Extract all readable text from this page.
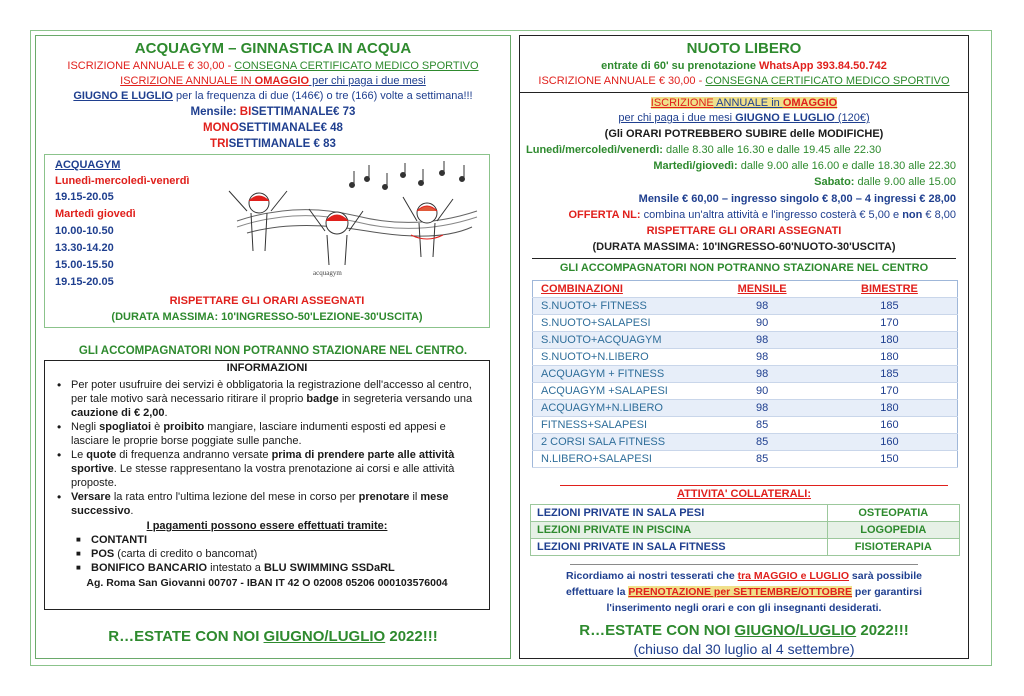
ACQUAGYM – GINNASTICA IN ACQUA
ISCRIZIONE ANNUALE € 30,00 - CONSEGNA CERTIFICATO MEDICO SPORTIVO
ISCRIZIONE ANNUALE IN OMAGGIO per chi paga i due mesi
GIUGNO E LUGLIO per la frequenza di due (146€) o tre (166) volte a settimana!!!
Mensile: BISETTIMANALE€ 73
MONOSETTIMANALE€ 48
TRISETTIMANALE € 83
ACQUAGYM
Lunedì-mercoledì-venerdì
19.15-20.05
Martedì giovedì
10.00-10.50
13.30-14.20
15.00-15.50
19.15-20.05
acquagym
RISPETTARE GLI ORARI ASSEGNATI
(DURATA MASSIMA: 10'INGRESSO-50'LEZIONE-30'USCITA)
GLI ACCOMPAGNATORI NON POTRANNO STAZIONARE NEL CENTRO.
INFORMAZIONI
• Per poter usufruire dei servizi è obbligatoria la registrazione dell'accesso al centro, per tale motivo sarà necessario ritirare il proprio badge in segreteria versando una cauzione di € 2,00.
• Negli spogliatoi è proibito mangiare, lasciare indumenti esposti ed appesi e lasciare le proprie borse poggiate sulle panche.
• Le quote di frequenza andranno versate prima di prendere parte alle attività sportive. Le stesse rappresentano la vostra prenotazione ai corsi e alle attività proposte.
• Versare la rata entro l'ultima lezione del mese in corso per prenotare il mese successivo.
I pagamenti possono essere effettuati tramite:
■ CONTANTI
■ POS (carta di credito o bancomat)
■ BONIFICO BANCARIO intestato a BLU SWIMMING SSDaRL
Ag. Roma San Giovanni 00707 - IBAN IT 42 O 02008 05206 000103576004
R…ESTATE CON NOI GIUGNO/LUGLIO 2022!!!
NUOTO LIBERO
entrate di 60' su prenotazione WhatsApp 393.84.50.742
ISCRIZIONE ANNUALE € 30,00 - CONSEGNA CERTIFICATO MEDICO SPORTIVO
ISCRIZIONE ANNUALE in OMAGGIO
per chi paga i due mesi GIUGNO E LUGLIO (120€)
(Gli ORARI POTREBBERO SUBIRE delle MODIFICHE)
Lunedì/mercoledì/venerdì: dalle 8.30 alle 16.30 e dalle 19.45 alle 22.30
Martedì/giovedì: dalle 9.00 alle 16.00 e dalle 18.30 alle 22.30
Sabato: dalle 9.00 alle 15.00
Mensile € 60,00 – ingresso singolo € 8,00 – 4 ingressi € 28,00
OFFERTA NL: combina un'altra attività e l'ingresso costerà € 5,00 e non € 8,00
RISPETTARE GLI ORARI ASSEGNATI
(DURATA MASSIMA: 10'INGRESSO-60'NUOTO-30'USCITA)
GLI ACCOMPAGNATORI NON POTRANNO STAZIONARE NEL CENTRO
COMBINAZIONI	MENSILE	BIMESTRE
S.NUOTO+ FITNESS	98	185
S.NUOTO+SALAPESI	90	170
S.NUOTO+ACQUAGYM	98	180
S.NUOTO+N.LIBERO	98	180
ACQUAGYM + FITNESS	98	185
ACQUAGYM +SALAPESI	90	170
ACQUAGYM+N.LIBERO	98	180
FITNESS+SALAPESI	85	160
2 CORSI SALA FITNESS	85	160
N.LIBERO+SALAPESI	85	150
ATTIVITA' COLLATERALI:
LEZIONI PRIVATE IN SALA PESI	OSTEOPATIA
LEZIONI PRIVATE IN PISCINA	LOGOPEDIA
LEZIONI PRIVATE IN SALA FITNESS	FISIOTERAPIA
Ricordiamo ai nostri tesserati che tra MAGGIO e LUGLIO sarà possibile
effettuare la PRENOTAZIONE per SETTEMBRE/OTTOBRE per garantirsi
l'inserimento negli orari e con gli insegnanti desiderati.
R…ESTATE CON NOI GIUGNO/LUGLIO 2022!!!
(chiuso dal 30 luglio al 4 settembre)
